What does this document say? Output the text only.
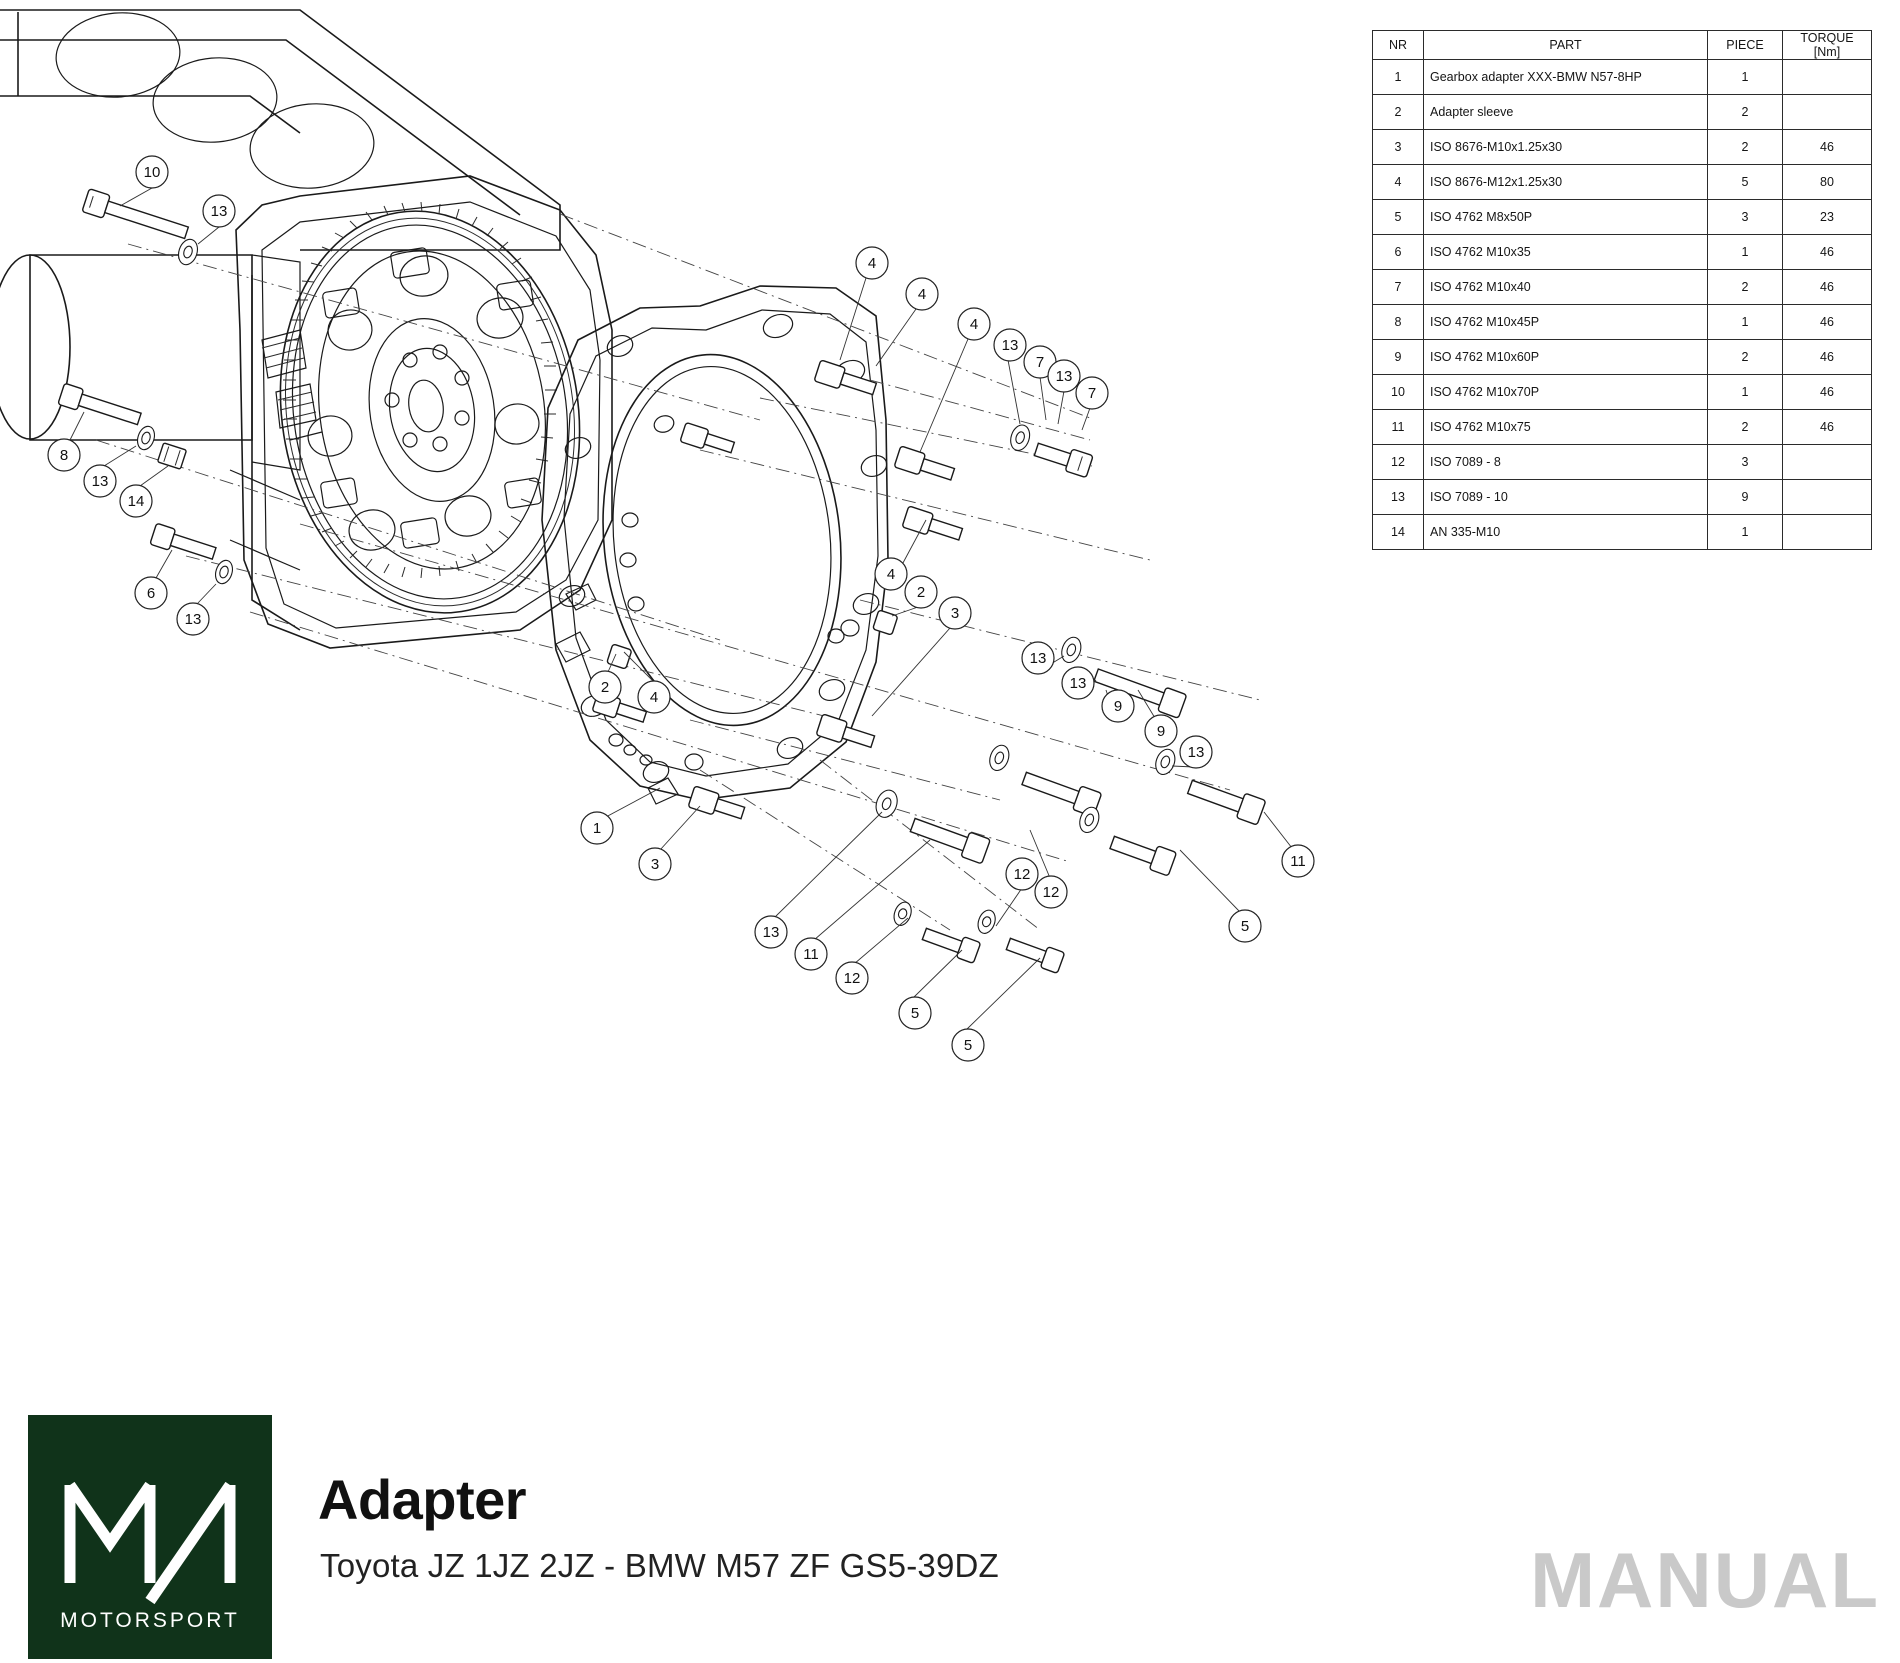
10
13
8
13
14
6
13
4
4
4
13
7
13
7
4
2
3
2
4
13
13
9
9
13
11
1
3
13
11
12
5
12
12
5
5
NR	PART	PIECE	TORQUE [Nm]
1	Gearbox adapter XXX-BMW N57-8HP	1	
2	Adapter sleeve	2	
3	ISO 8676-M10x1.25x30	2	46
4	ISO 8676-M12x1.25x30	5	80
5	ISO 4762 M8x50P	3	23
6	ISO 4762 M10x35	1	46
7	ISO 4762 M10x40	2	46
8	ISO 4762 M10x45P	1	46
9	ISO 4762 M10x60P	2	46
10	ISO 4762 M10x70P	1	46
11	ISO 4762 M10x75	2	46
12	ISO 7089 - 8	3	
13	ISO 7089 - 10	9	
14	AN 335-M10	1	
MOTORSPORT
Adapter
Toyota JZ 1JZ 2JZ - BMW M57 ZF GS5-39DZ	MANUAL
